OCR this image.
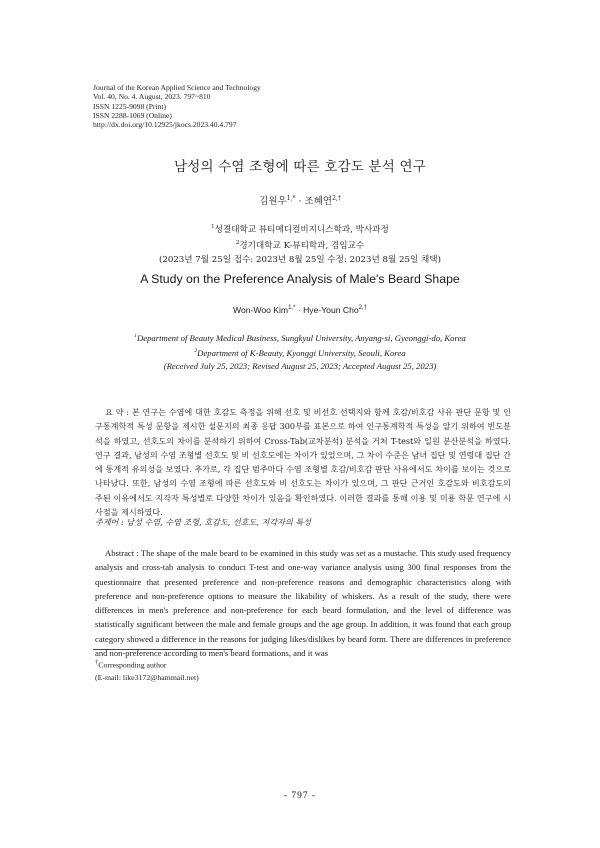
Journal of the Korean Applied Science and Technology
Vol. 40, No. 4. August, 2023. 797~810
ISSN 1225-9098 (Print)
ISSN 2288-1069 (Online)
http://dx.doi.org/10.12925/jkocs.2023.40.4.797
남성의 수염 조형에 따른 호감도 분석 연구
김원우$^{1,*}$ · 조혜연$^{2,\dagger}$
$^1$성결대학교 뷰티메디컬비지니스학과, 박사과정
$^2$경기대학교 K-뷰티학과, 겸임교수
(2023년 7월 25일 접수: 2023년 8월 25일 수정: 2023년 8월 25일 채택)
A Study on the Preference Analysis of Male's Beard Shape
Won-Woo Kim$^{1,*}$ · Hye-Youn Cho$^{2,\dagger}$
$^1$Department of Beauty Medical Business, Sungkyul University, Anyang-si, Gyeonggi-do, Korea
$^2$Department of K-Beauty, Kyonggi University, Seouli, Korea
(Received July 25, 2023; Revised August 25, 2023; Accepted August 25, 2023)
요 약 : 본 연구는 수염에 대한 호감도 측정을 위해 선호 및 비선호 선택지와 함께 호감/비호감 사유 판단 문항 및 인구통계학적 특성 문항을 제시한 설문지의 최종 응답 300부를 표본으로 하여 인구통계학적 특성을 알기 위하여 빈도분석을 하였고, 선호도의 차이를 분석하기 위하여 Cross-Tab(교차분석) 분석을 거쳐 T-test와 일원 분산분석을 하였다. 연구 결과, 남성의 수염 조형별 선호도 및 비 선호도에는 차이가 있었으며, 그 차이 수준은 남녀 집단 및 연령대 집단 간에 통계적 유의성을 보였다. 추가로, 각 집단 범주마다 수염 조형별 호감/비호감 판단 사유에서도 차이를 보이는 것으로 나타났다. 또한, 남성의 수염 조형에 따른 선호도와 비 선호도는 차이가 있으며, 그 판단 근거인 호감도와 비호감도의 주된 이유에서도 지각자 특성별로 다양한 차이가 있음을 확인하였다. 이러한 결과를 통해 이용 및 미용 학문 연구에 시사점을 제시하였다.
주제어 : 남성 수염, 수염 조형, 호감도, 선호도, 지각자의 특성
Abstract : The shape of the male beard to be examined in this study was set as a mustache. This study used frequency analysis and cross-tab analysis to conduct T-test and one-way variance analysis using 300 final responses from the questionnaire that presented preference and non-preference reasons and demographic characteristics along with preference and non-preference options to measure the likability of whiskers. As a result of the study, there were differences in men's preference and non-preference for each beard formulation, and the level of difference was statistically significant between the male and female groups and the age group. In addition, it was found that each group category showed a difference in the reasons for judging likes/dislikes by beard form. There are differences in preference and non-preference according to men's beard formations, and it was
†Corresponding author
(E-mail: like3172@hammail.net)
- 797 -
